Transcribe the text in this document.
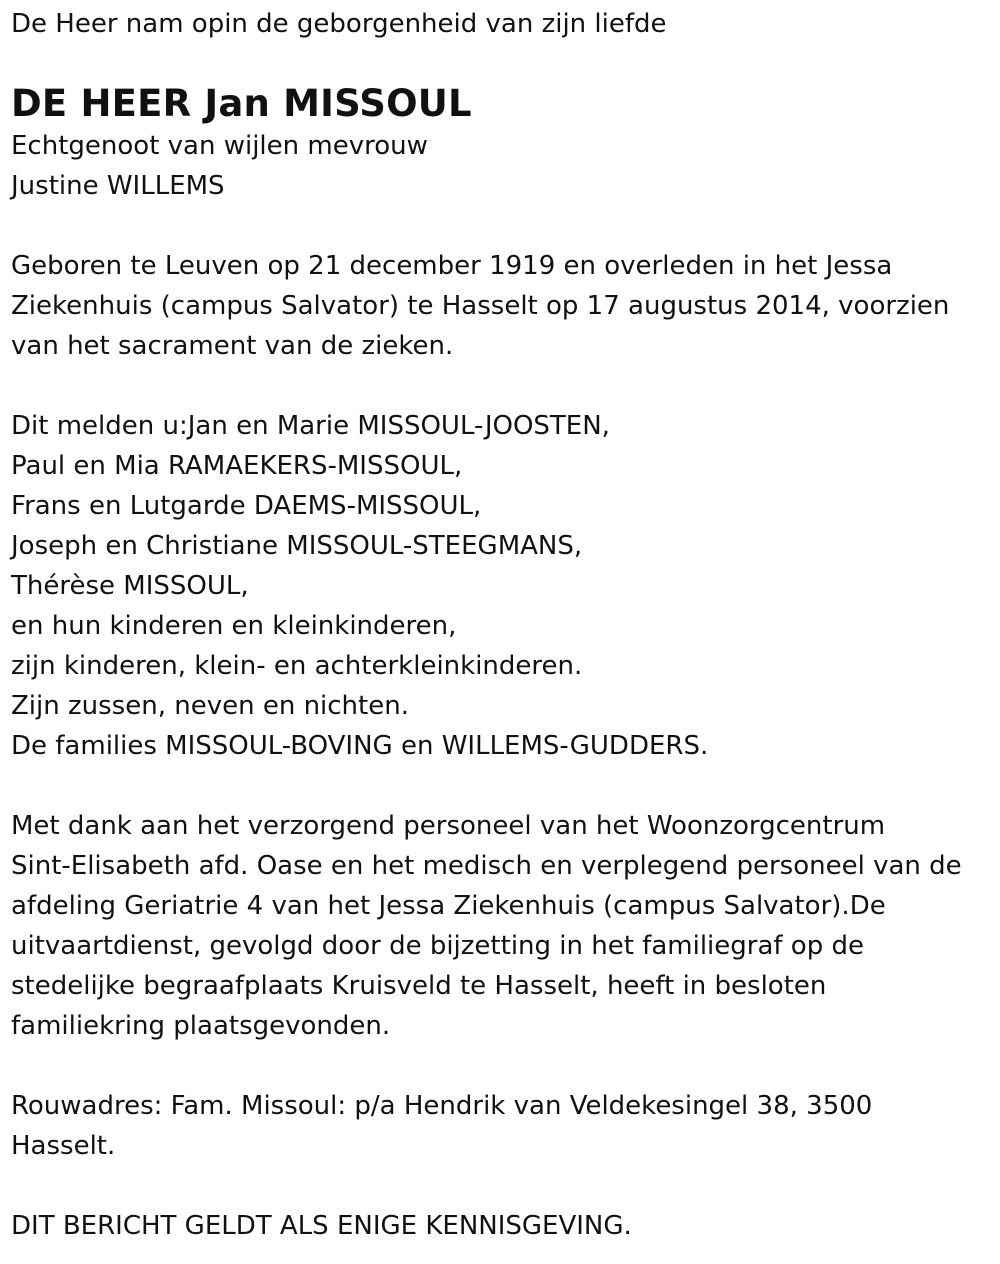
De Heer nam opin de geborgenheid van zijn liefde
DE HEER Jan MISSOUL
Echtgenoot van wijlen mevrouw
Justine WILLEMS
Geboren te Leuven op 21 december 1919 en overleden in het Jessa
Ziekenhuis (campus Salvator) te Hasselt op 17 augustus 2014, voorzien
van het sacrament van de zieken.
Dit melden u:Jan en Marie MISSOUL-JOOSTEN,
Paul en Mia RAMAEKERS-MISSOUL,
Frans en Lutgarde DAEMS-MISSOUL,
Joseph en Christiane MISSOUL-STEEGMANS,
Thérèse MISSOUL,
en hun kinderen en kleinkinderen,
zijn kinderen, klein- en achterkleinkinderen.
Zijn zussen, neven en nichten.
De families MISSOUL-BOVING en WILLEMS-GUDDERS.
Met dank aan het verzorgend personeel van het Woonzorgcentrum
Sint-Elisabeth afd. Oase en het medisch en verplegend personeel van de
afdeling Geriatrie 4 van het Jessa Ziekenhuis (campus Salvator).De
uitvaartdienst, gevolgd door de bijzetting in het familiegraf op de
stedelijke begraafplaats Kruisveld te Hasselt, heeft in besloten
familiekring plaatsgevonden.
Rouwadres: Fam. Missoul: p/a Hendrik van Veldekesingel 38, 3500
Hasselt.
DIT BERICHT GELDT ALS ENIGE KENNISGEVING.
